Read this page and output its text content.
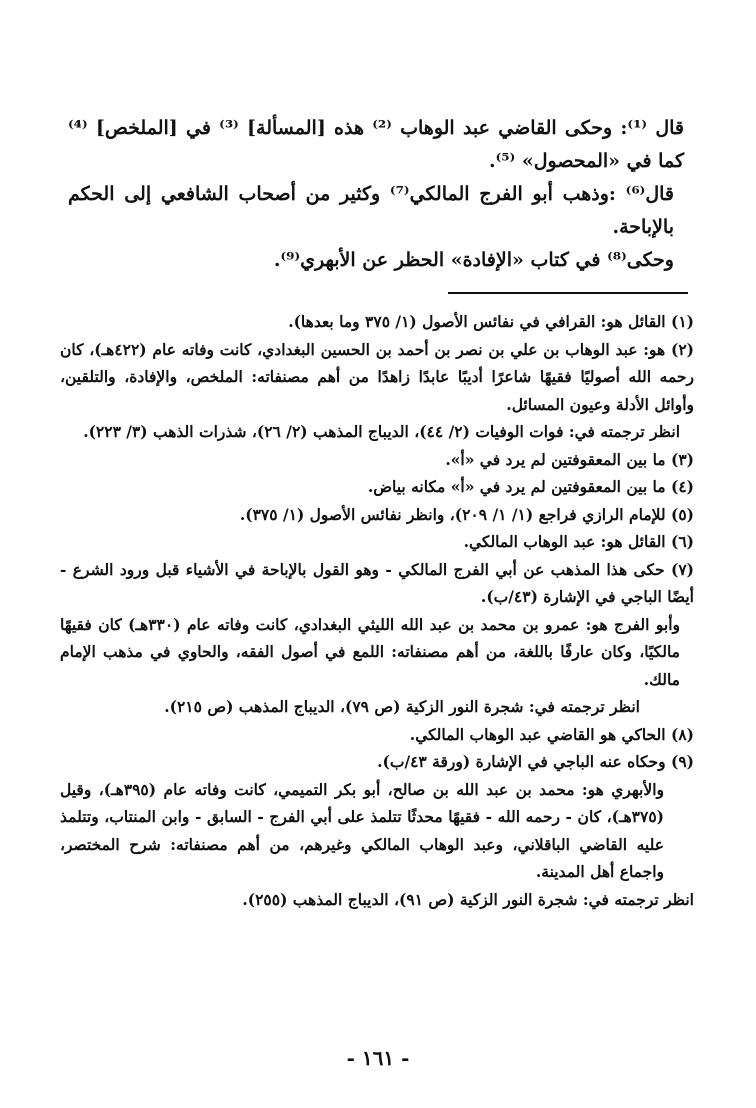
قال ⁽¹⁾: وحكى القاضي عبد الوهاب ⁽²⁾ هذه [المسألة] ⁽³⁾ في [الملخص] ⁽⁴⁾ كما في «المحصول» ⁽⁵⁾.

قال⁽⁶⁾ :وذهب أبو الفرج المالكي⁽⁷⁾ وكثير من أصحاب الشافعي إلى الحكم بالإباحة.

وحكى⁽⁸⁾ في كتاب «الإفادة» الحظر عن الأبهري⁽⁹⁾.

(١) القائل هو: القرافي في نفائس الأصول (١/ ٣٧٥ وما بعدها).

(٢) هو: عبد الوهاب بن علي بن نصر بن أحمد بن الحسين البغدادي، كانت وفاته عام (٤٢٢هـ)، كان رحمه الله أصوليًا فقيهًا شاعرًا أديبًا عابدًا زاهدًا من أهم مصنفاته: الملخص، والإفادة، والتلقين، وأوائل الأدلة وعيون المسائل.

انظر ترجمته في: فوات الوفيات (٢/ ٤٤)، الديباج المذهب (٢/ ٢٦)، شذرات الذهب (٣/ ٢٢٣).

(٣) ما بين المعقوفتين لم يرد في «أ».

(٤) ما بين المعقوفتين لم يرد في «أ» مكانه بياض.

(٥) للإمام الرازي فراجع (١/ ١/ ٢٠٩)، وانظر نفائس الأصول (١/ ٣٧٥).

(٦) القائل هو: عبد الوهاب المالكي.

(٧) حكى هذا المذهب عن أبي الفرج المالكي - وهو القول بالإباحة في الأشياء قبل ورود الشرع - أيضًا الباجي في الإشارة (٤٣/ب).

وأبو الفرج هو: عمرو بن محمد بن عبد الله الليثي البغدادي، كانت وفاته عام (٣٣٠هـ) كان فقيهًا مالكيًا، وكان عارفًا باللغة، من أهم مصنفاته: اللمع في أصول الفقه، والحاوي في مذهب الإمام مالك.

انظر ترجمته في: شجرة النور الزكية (ص ٧٩)، الديباج المذهب (ص ٢١٥).

(٨) الحاكي هو القاضي عبد الوهاب المالكي.

(٩) وحكاه عنه الباجي في الإشارة (ورقة ٤٣/ب).

والأبهري هو: محمد بن عبد الله بن صالح، أبو بكر التميمي، كانت وفاته عام (٣٩٥هـ)، وقيل (٣٧٥هـ)، كان - رحمه الله - فقيهًا محدثًا تتلمذ على أبي الفرج - السابق - وابن المنتاب، وتتلمذ عليه القاضي الباقلاني، وعبد الوهاب المالكي وغيرهم، من أهم مصنفاته: شرح المختصر، واجماع أهل المدينة.

انظر ترجمته في: شجرة النور الزكية (ص ٩١)، الديباج المذهب (٢٥٥).

- ١٦١ -
